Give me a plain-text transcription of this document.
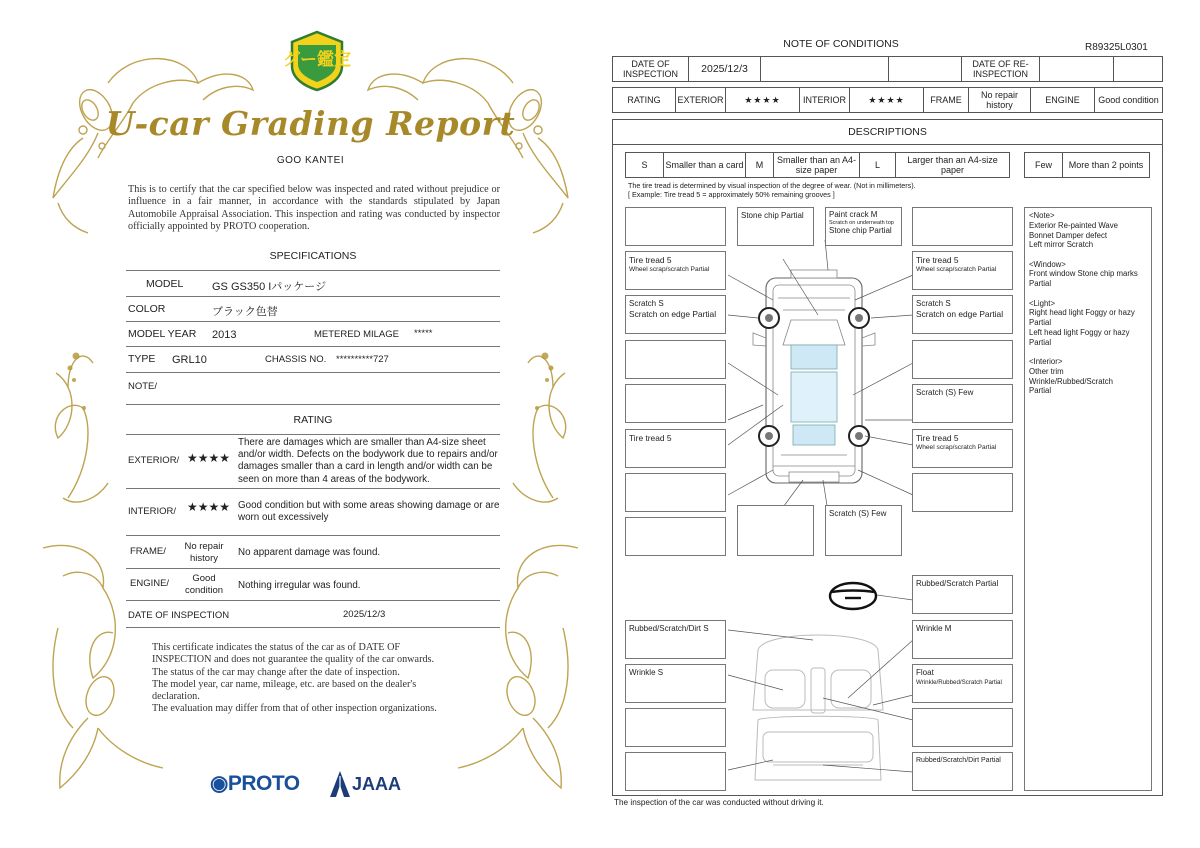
グー鑑定
U-car Grading Report
GOO KANTEI
This is to certify that the car specified below was inspected and rated without prejudice or influence in a fair manner, in accordance with the standards stipulated by Japan Automobile Appraisal Association. This inspection and rating was conducted by inspector officially appointed by PROTO cooperation.
SPECIFICATIONS
MODEL	GS GS350 Iパッケージ
COLOR	ブラック色替
MODEL YEAR 2013	METERED MILAGE *****
TYPE GRL10	CHASSIS NO. **********727
NOTE/
RATING
EXTERIOR/ ★★★★
There are damages which are smaller than A4-size sheet and/or width. Defects on the bodywork due to repairs and/or damages smaller than a card in length and/or width can be seen on more than 4 areas of the bodywork.
INTERIOR/ ★★★★ Good condition but with some areas showing damage or are worn out excessively
FRAME/	No repair history
No apparent damage was found.
ENGINE/	Good condition	Nothing irregular was found.
DATE OF INSPECTION	2025/12/3
This certificate indicates the status of the car as of DATE OF
INSPECTION and does not guarantee the quality of the car onwards.
The status of the car may change after the date of inspection.
The model year, car name, mileage, etc. are based on the dealer's
declaration.
The evaluation may differ from that of other inspection organizations.
◉PROTO	JAAA
NOTE OF CONDITIONS	R89325L0301
DATE OF INSPECTION	2025/12/3	DATE OF RE-INSPECTION
RATING	EXTERIOR	★★★★	INTERIOR	★★★★	FRAME	No repair history	ENGINE	Good condition
DESCRIPTIONS
S	Smaller than a card	M	Smaller than an A4-size paper	L	Larger than an A4-size paper	Few	More than 2 points
The tire tread is determined by visual inspection of the degree of wear. (Not in millimeters).
[ Example: Tire tread 5 = approximately 50% remaining grooves ]
Tire tread 5
Wheel scrap/scratch Partial
Scratch S
Scratch on edge Partial
Tire tread 5
Stone chip Partial	Paint crack M
Scratch on underneath top
Stone chip Partial
Scratch (S) Few
Tire tread 5
Wheel scrap/scratch Partial
Scratch S
Scratch on edge Partial
Scratch (S) Few
Tire tread 5
Wheel scrap/scratch Partial
Rubbed/Scratch Partial
Rubbed/Scratch/Dirt S	Wrinkle M
Wrinkle S	Float
Wrinkle/Rubbed/Scratch Partial
Rubbed/Scratch/Dirt Partial
<Note>
Exterior Re-painted Wave
Bonnet Damper defect
Left mirror Scratch
<Window>
Front window Stone chip marks
Partial
<Light>
Right head light Foggy or hazy
Partial
Left head light Foggy or hazy
Partial
<Interior>
Other trim
Wrinkle/Rubbed/Scratch
Partial
The inspection of the car was conducted without driving it.
